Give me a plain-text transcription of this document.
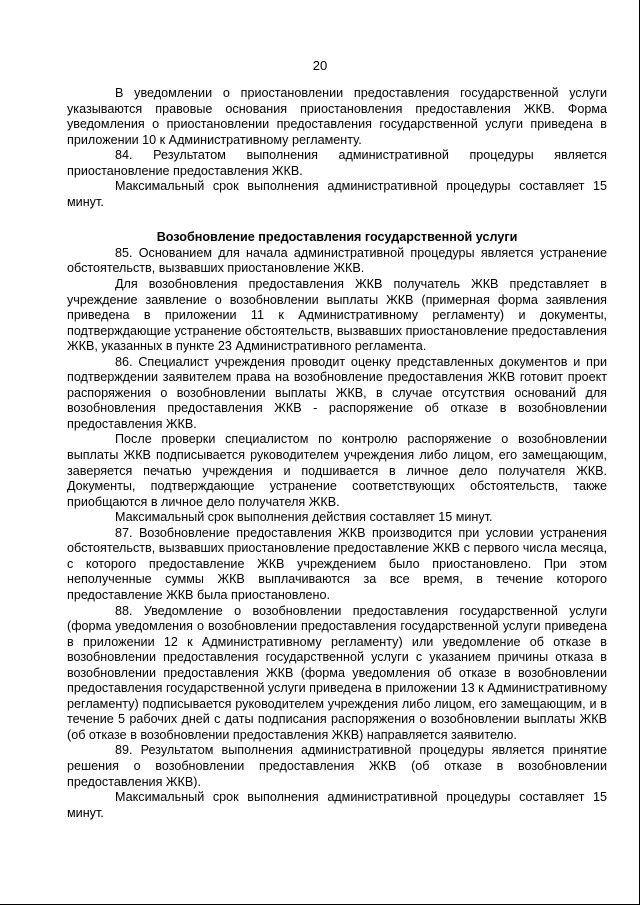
20

В уведомлении о приостановлении предоставления государственной услуги указываются правовые основания приостановления предоставления ЖКВ. Форма уведомления о приостановлении предоставления государственной услуги приведена в приложении 10 к Административному регламенту.

84. Результатом выполнения административной процедуры является приостановление предоставления ЖКВ.

Максимальный срок выполнения административной процедуры составляет 15 минут.

Возобновление предоставления государственной услуги

85. Основанием для начала административной процедуры является устранение обстоятельств, вызвавших приостановление ЖКВ.

Для возобновления предоставления ЖКВ получатель ЖКВ представляет в учреждение заявление о возобновлении выплаты ЖКВ (примерная форма заявления приведена в приложении 11 к Административному регламенту) и документы, подтверждающие устранение обстоятельств, вызвавших приостановление предоставления ЖКВ, указанных в пункте 23 Административного регламента.

86. Специалист учреждения проводит оценку представленных документов и при подтверждении заявителем права на возобновление предоставления ЖКВ готовит проект распоряжения о возобновлении выплаты ЖКВ, в случае отсутствия оснований для возобновления предоставления ЖКВ - распоряжение об отказе в возобновлении предоставления ЖКВ.

После проверки специалистом по контролю распоряжение о возобновлении выплаты ЖКВ подписывается руководителем учреждения либо лицом, его замещающим, заверяется печатью учреждения и подшивается в личное дело получателя ЖКВ. Документы, подтверждающие устранение соответствующих обстоятельств, также приобщаются в личное дело получателя ЖКВ.

Максимальный срок выполнения действия составляет 15 минут.

87. Возобновление предоставления ЖКВ производится при условии устранения обстоятельств, вызвавших приостановление предоставление ЖКВ с первого числа месяца, с которого предоставление ЖКВ учреждением было приостановлено. При этом неполученные суммы ЖКВ выплачиваются за все время, в течение которого предоставление ЖКВ была приостановлено.

88. Уведомление о возобновлении предоставления государственной услуги (форма уведомления о возобновлении предоставления государственной услуги приведена в приложении 12 к Административному регламенту) или уведомление об отказе в возобновлении предоставления государственной услуги с указанием причины отказа в возобновлении предоставления ЖКВ (форма уведомления об отказе в возобновлении предоставления государственной услуги приведена в приложении 13 к Административному регламенту) подписывается руководителем учреждения либо лицом, его замещающим, и в течение 5 рабочих дней с даты подписания распоряжения о возобновлении выплаты ЖКВ (об отказе в возобновлении предоставления ЖКВ) направляется заявителю.

89. Результатом выполнения административной процедуры является принятие решения о возобновлении предоставления ЖКВ (об отказе в возобновлении предоставления ЖКВ).

Максимальный срок выполнения административной процедуры составляет 15 минут.
